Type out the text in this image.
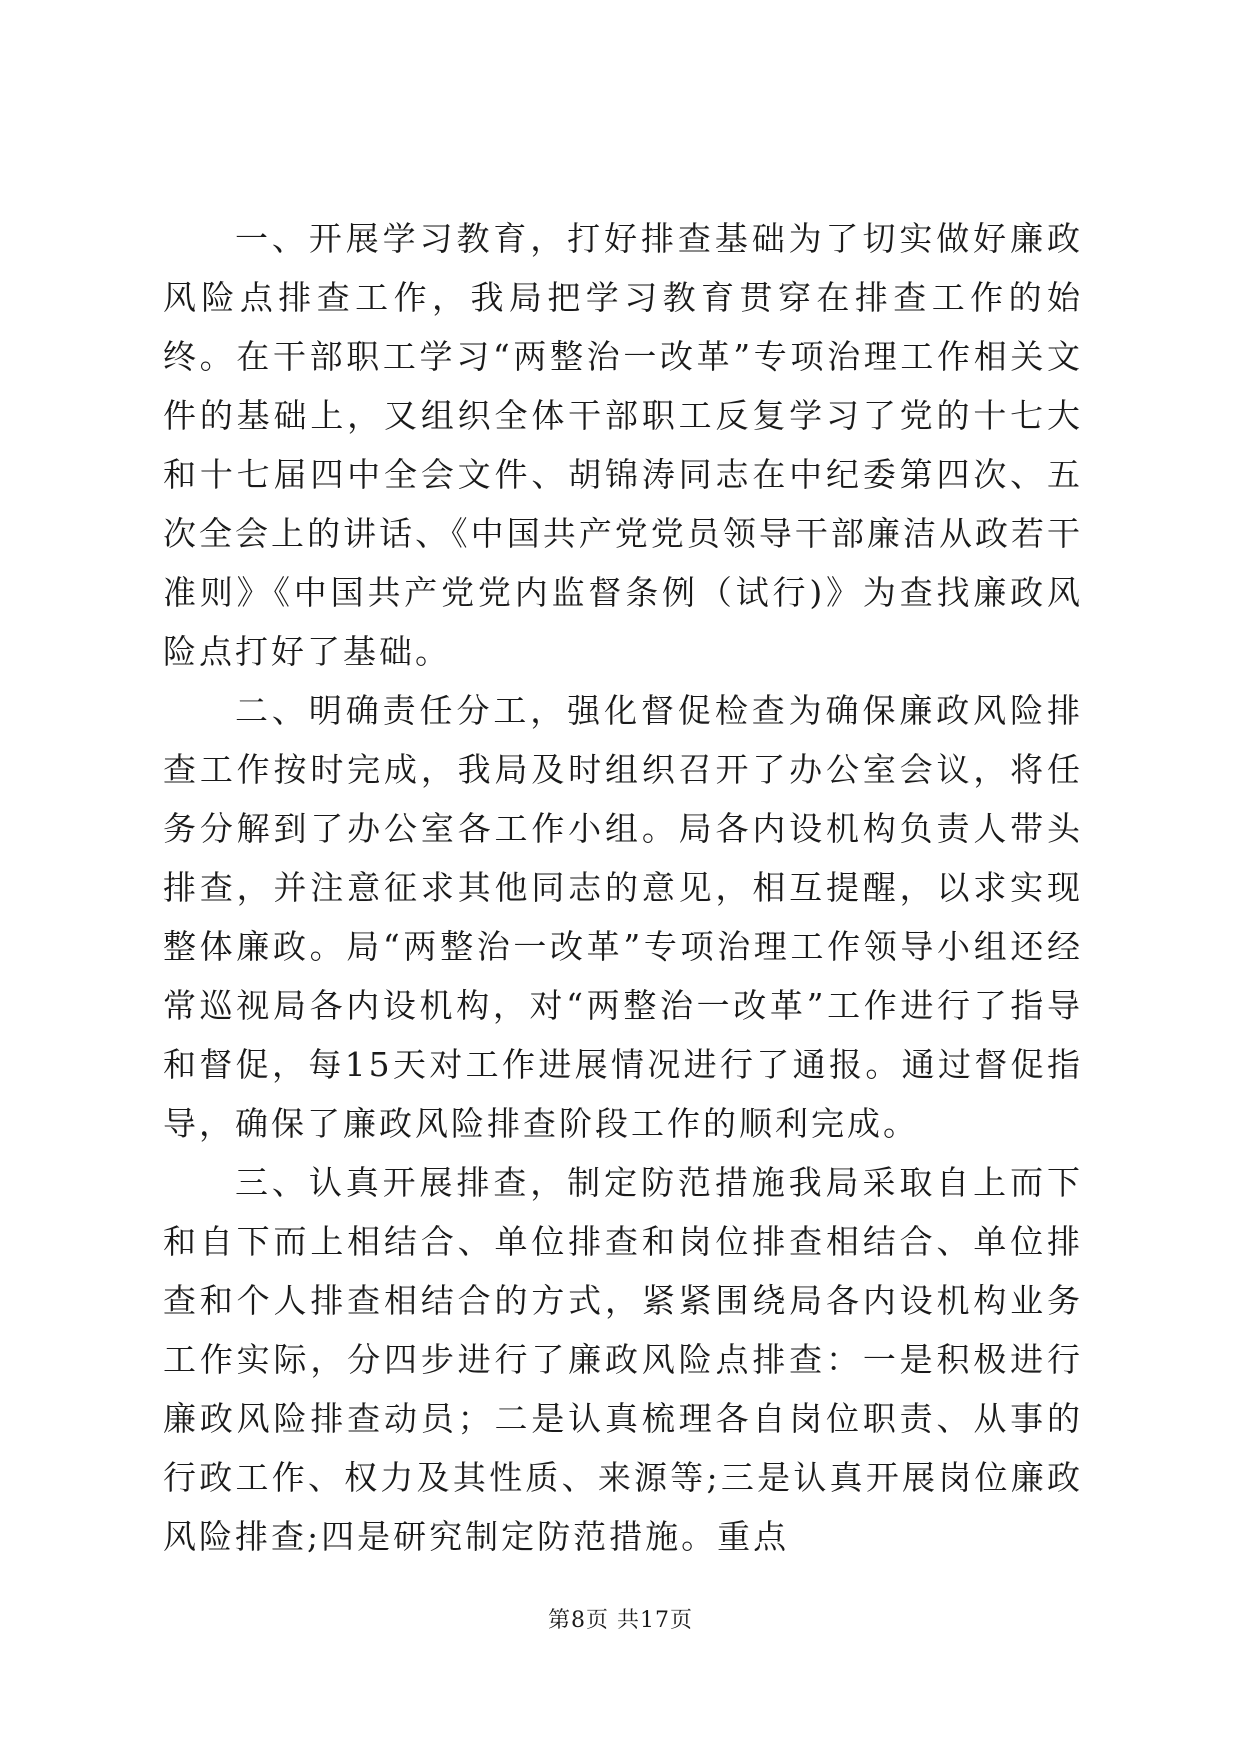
一、开展学习教育，打好排查基础为了切实做好廉政风险点排查工作，我局把学习教育贯穿在排查工作的始终。在干部职工学习“两整治一改革”专项治理工作相关文件的基础上，又组织全体干部职工反复学习了党的十七大和十七届四中全会文件、胡锦涛同志在中纪委第四次、五次全会上的讲话、《中国共产党党员领导干部廉洁从政若干准则》《中国共产党党内监督条例（试行)》为查找廉政风险点打好了基础。

二、明确责任分工，强化督促检查为确保廉政风险排查工作按时完成，我局及时组织召开了办公室会议，将任务分解到了办公室各工作小组。局各内设机构负责人带头排查，并注意征求其他同志的意见，相互提醒，以求实现整体廉政。局“两整治一改革”专项治理工作领导小组还经常巡视局各内设机构，对“两整治一改革”工作进行了指导和督促，每15天对工作进展情况进行了通报。通过督促指导，确保了廉政风险排查阶段工作的顺利完成。

三、认真开展排查，制定防范措施我局采取自上而下和自下而上相结合、单位排查和岗位排查相结合、单位排查和个人排查相结合的方式，紧紧围绕局各内设机构业务工作实际，分四步进行了廉政风险点排查：一是积极进行廉政风险排查动员；二是认真梳理各自岗位职责、从事的行政工作、权力及其性质、来源等;三是认真开展岗位廉政风险排查;四是研究制定防范措施。重点

第8页 共17页
